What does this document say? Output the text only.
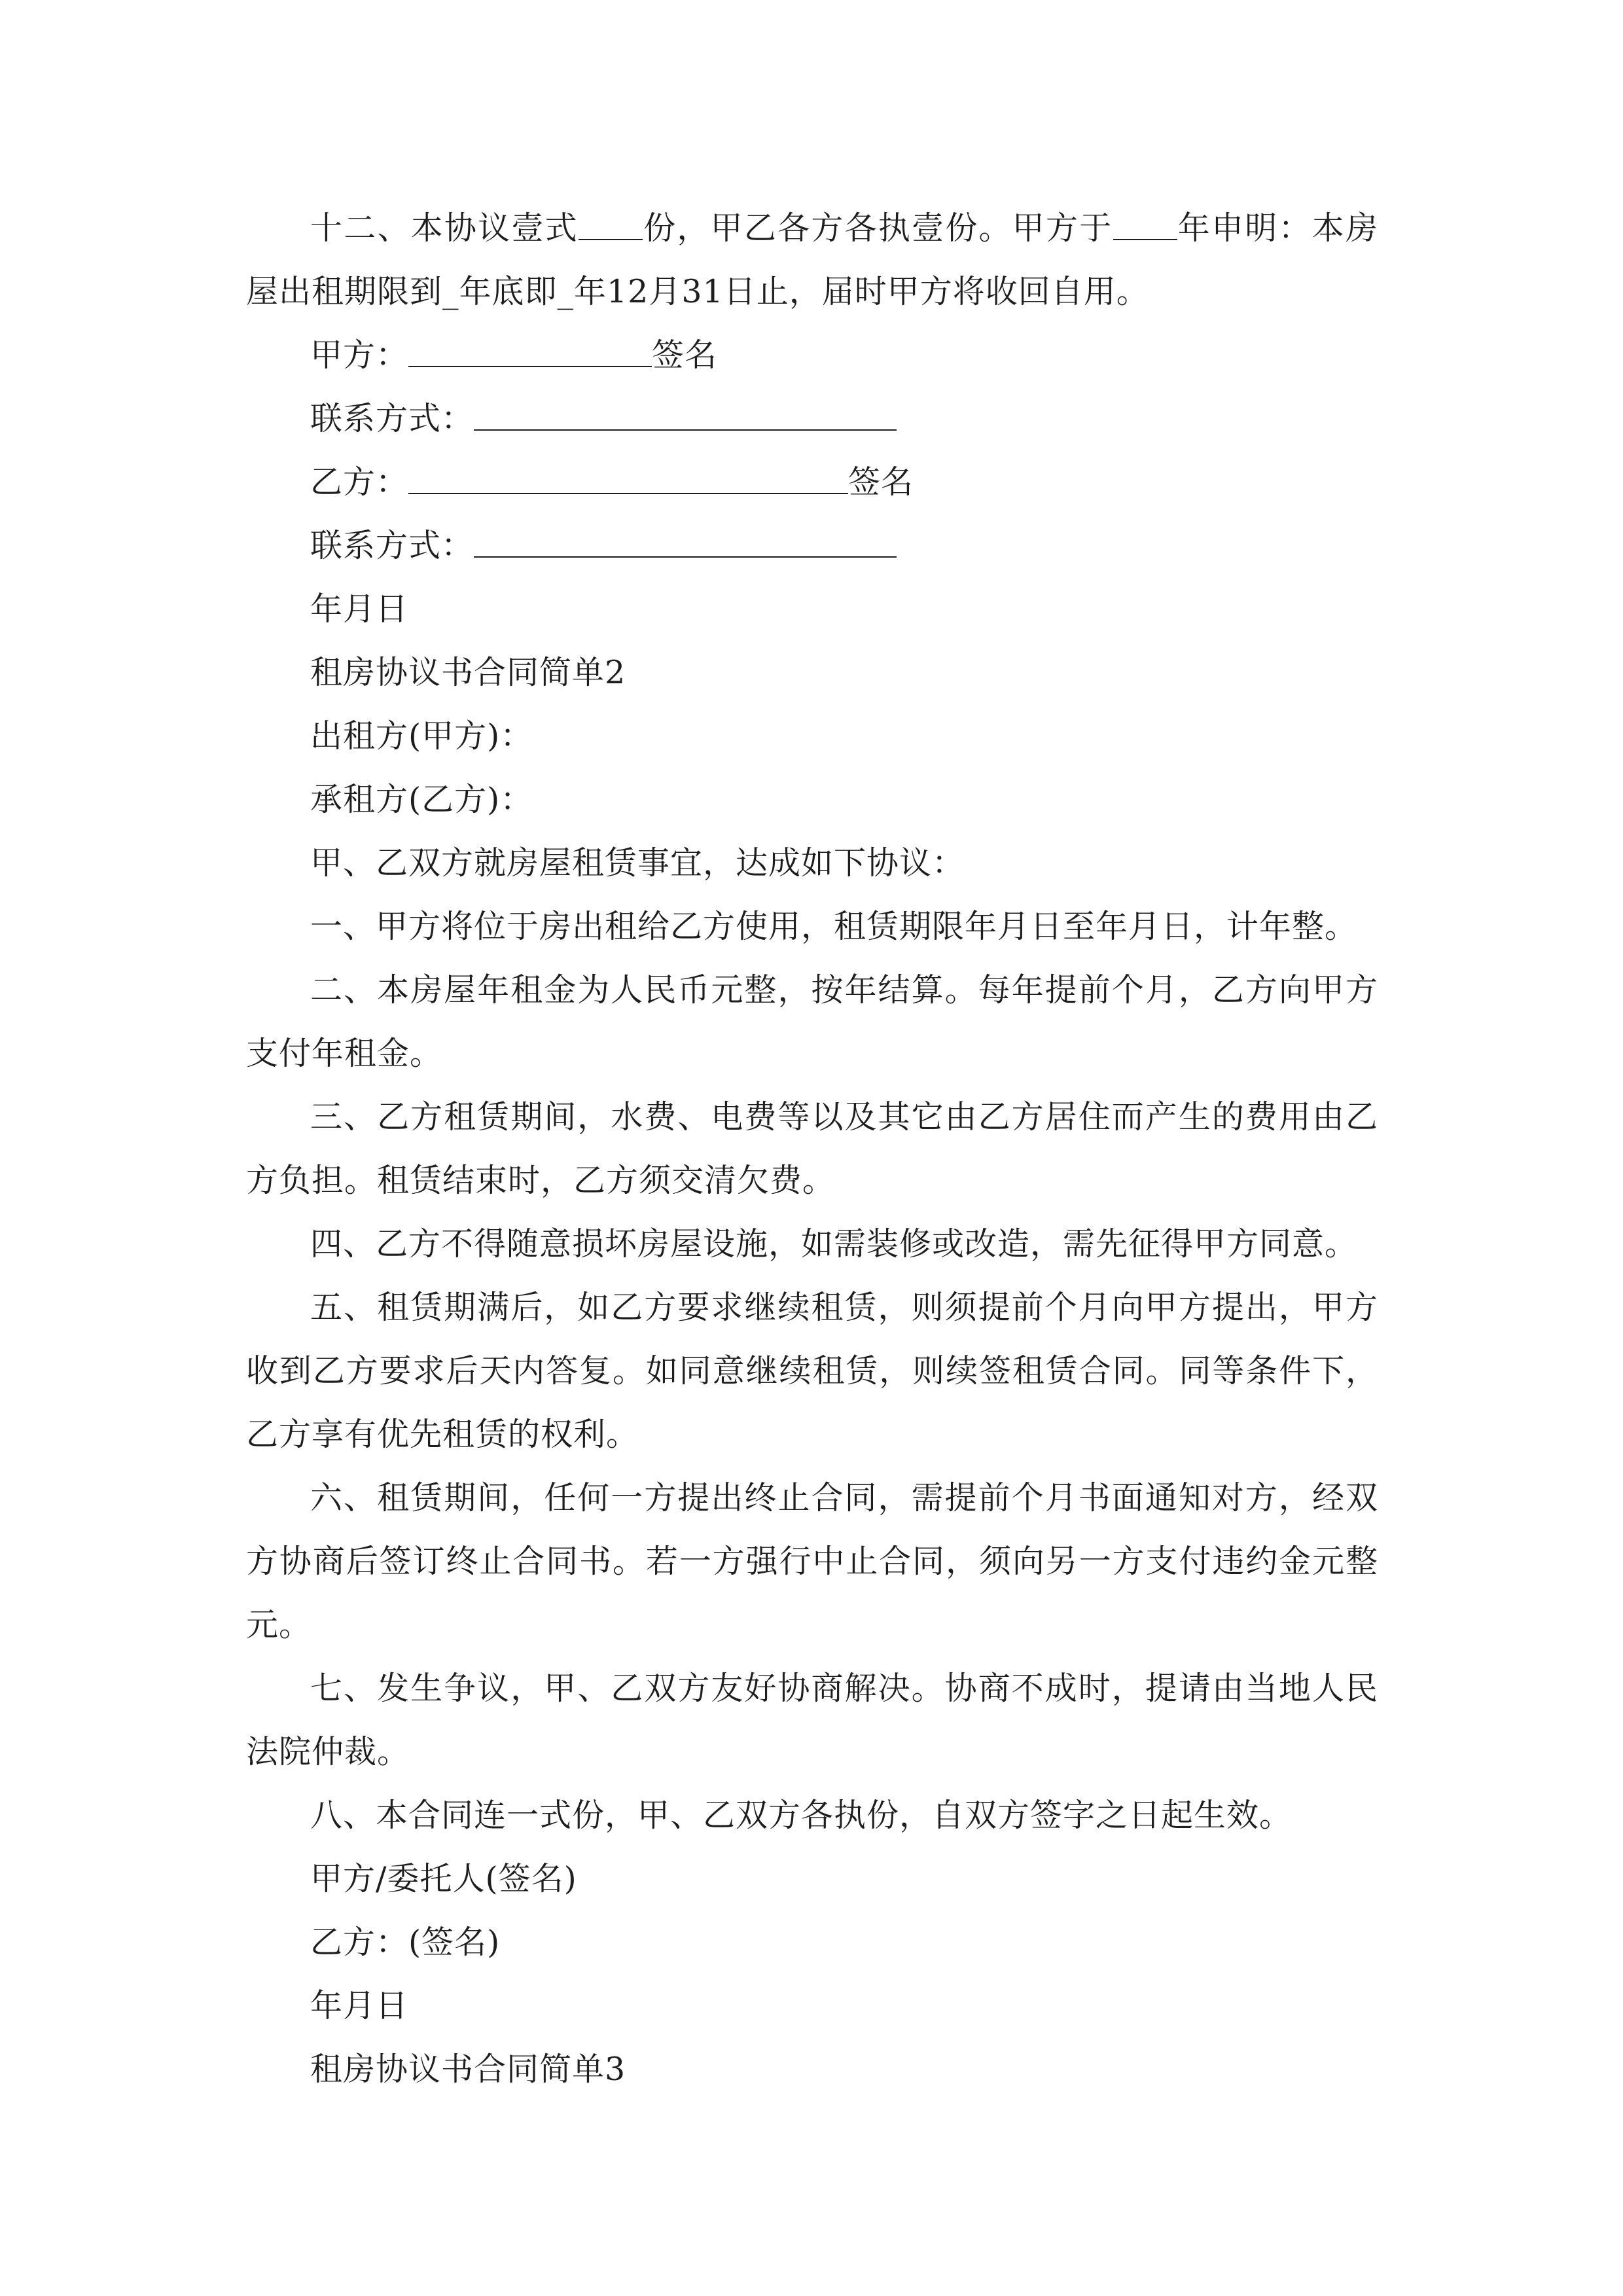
十二、本协议壹式 份，甲乙各方各执壹份。甲方于 年申明：本房屋出租期限到_年底即_年12月31日止，届时甲方将收回自用。

甲方：	签名

联系方式：

乙方：	签名

联系方式：

年月日

租房协议书合同简单2

出租方(甲方)：

承租方(乙方)：

甲、乙双方就房屋租赁事宜，达成如下协议：

一、甲方将位于房出租给乙方使用，租赁期限年月日至年月日，计年整。

二、本房屋年租金为人民币元整，按年结算。每年提前个月，乙方向甲方支付年租金。

三、乙方租赁期间，水费、电费等以及其它由乙方居住而产生的费用由乙方负担。租赁结束时，乙方须交清欠费。

四、乙方不得随意损坏房屋设施，如需装修或改造，需先征得甲方同意。

五、租赁期满后，如乙方要求继续租赁，则须提前个月向甲方提出，甲方收到乙方要求后天内答复。如同意继续租赁，则续签租赁合同。同等条件下，乙方享有优先租赁的权利。

六、租赁期间，任何一方提出终止合同，需提前个月书面通知对方，经双方协商后签订终止合同书。若一方强行中止合同，须向另一方支付违约金元整元。

七、发生争议，甲、乙双方友好协商解决。协商不成时，提请由当地人民法院仲裁。

八、本合同连一式份，甲、乙双方各执份，自双方签字之日起生效。

甲方/委托人(签名)

乙方：(签名)

年月日

租房协议书合同简单3
